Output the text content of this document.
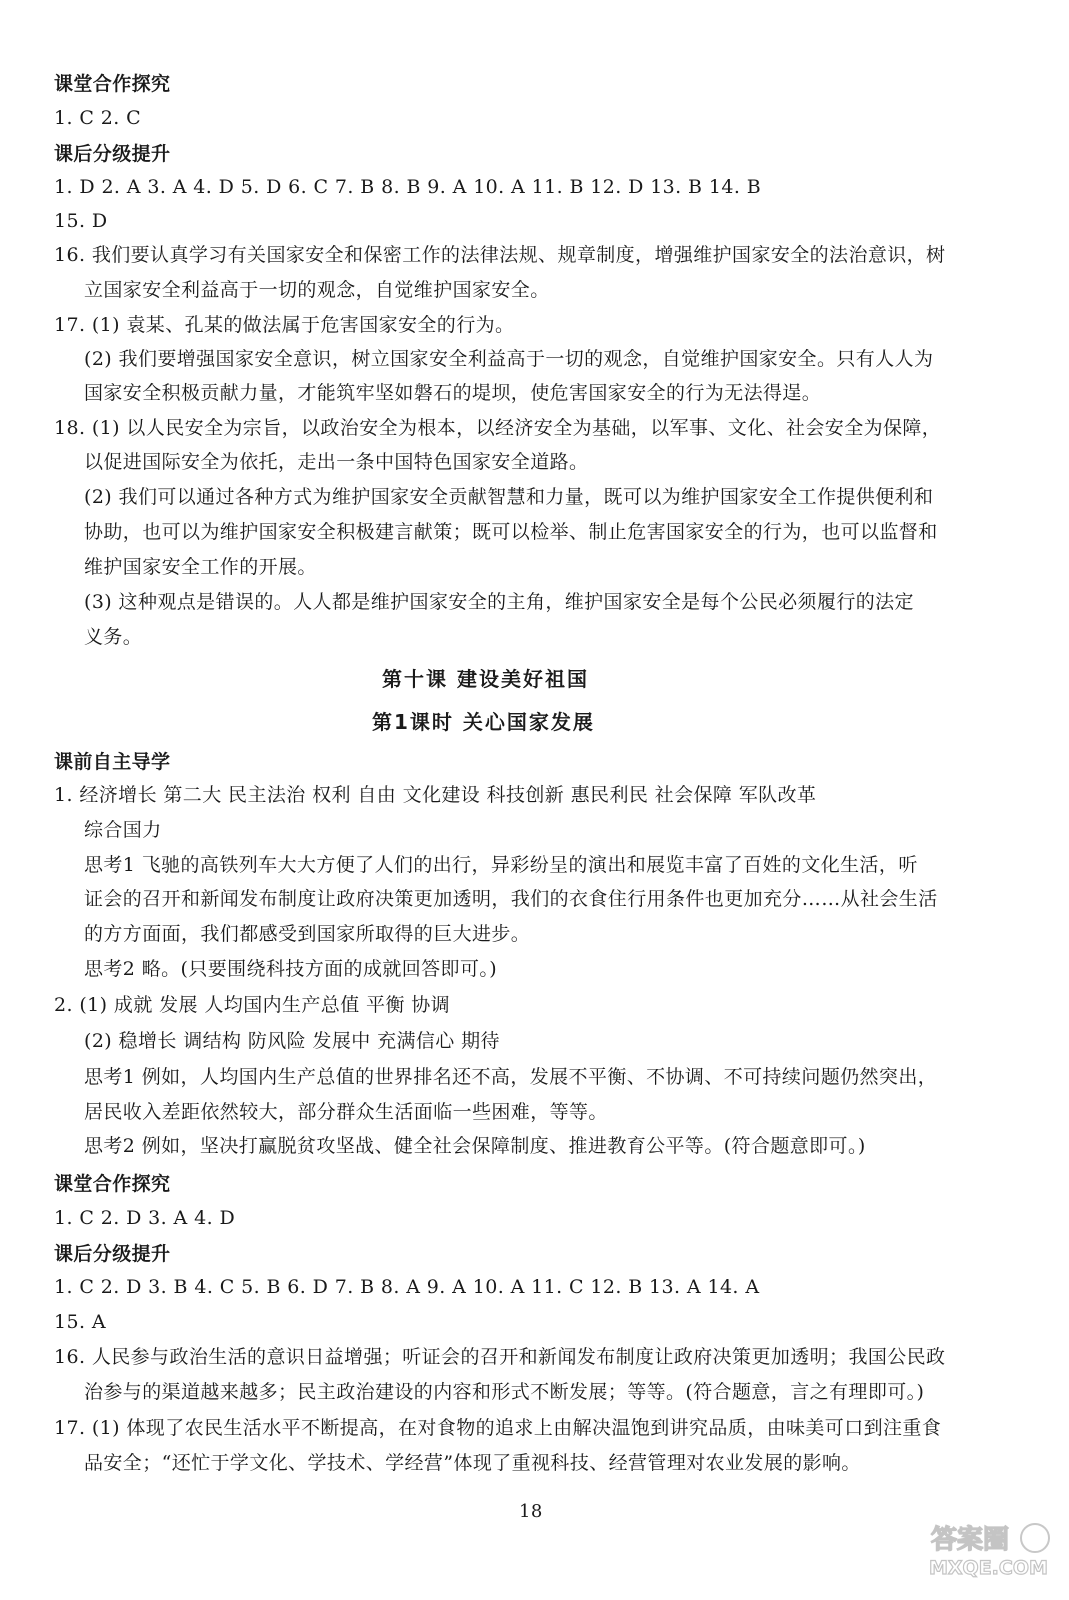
课堂合作探究
1. C 2. C
课后分级提升
1. D 2. A 3. A 4. D 5. D 6. C 7. B 8. B 9. A 10. A 11. B 12. D 13. B 14. B
15. D
16. 我们要认真学习有关国家安全和保密工作的法律法规、规章制度，增强维护国家安全的法治意识，树
立国家安全利益高于一切的观念，自觉维护国家安全。
17. (1) 袁某、孔某的做法属于危害国家安全的行为。
(2) 我们要增强国家安全意识，树立国家安全利益高于一切的观念，自觉维护国家安全。只有人人为
国家安全积极贡献力量，才能筑牢坚如磐石的堤坝，使危害国家安全的行为无法得逞。
18. (1) 以人民安全为宗旨，以政治安全为根本，以经济安全为基础，以军事、文化、社会安全为保障，
以促进国际安全为依托，走出一条中国特色国家安全道路。
(2) 我们可以通过各种方式为维护国家安全贡献智慧和力量，既可以为维护国家安全工作提供便利和
协助，也可以为维护国家安全积极建言献策；既可以检举、制止危害国家安全的行为，也可以监督和
维护国家安全工作的开展。
(3) 这种观点是错误的。人人都是维护国家安全的主角，维护国家安全是每个公民必须履行的法定
义务。
第十课 建设美好祖国
第1课时 关心国家发展
课前自主导学
1. 经济增长 第二大 民主法治 权利 自由 文化建设 科技创新 惠民利民 社会保障 军队改革
综合国力
思考1 飞驰的高铁列车大大方便了人们的出行，异彩纷呈的演出和展览丰富了百姓的文化生活，听
证会的召开和新闻发布制度让政府决策更加透明，我们的衣食住行用条件也更加充分……从社会生活
的方方面面，我们都感受到国家所取得的巨大进步。
思考2 略。(只要围绕科技方面的成就回答即可。)
2. (1) 成就 发展 人均国内生产总值 平衡 协调
(2) 稳增长 调结构 防风险 发展中 充满信心 期待
思考1 例如，人均国内生产总值的世界排名还不高，发展不平衡、不协调、不可持续问题仍然突出，
居民收入差距依然较大，部分群众生活面临一些困难，等等。
思考2 例如，坚决打赢脱贫攻坚战、健全社会保障制度、推进教育公平等。(符合题意即可。)
课堂合作探究
1. C 2. D 3. A 4. D
课后分级提升
1. C 2. D 3. B 4. C 5. B 6. D 7. B 8. A 9. A 10. A 11. C 12. B 13. A 14. A
15. A
16. 人民参与政治生活的意识日益增强；听证会的召开和新闻发布制度让政府决策更加透明；我国公民政
治参与的渠道越来越多；民主政治建设的内容和形式不断发展；等等。(符合题意，言之有理即可。)
17. (1) 体现了农民生活水平不断提高，在对食物的追求上由解决温饱到讲究品质，由味美可口到注重食
品安全；“还忙于学文化、学技术、学经营”体现了重视科技、经营管理对农业发展的影响。
18
答案圈
MXQE.COM
